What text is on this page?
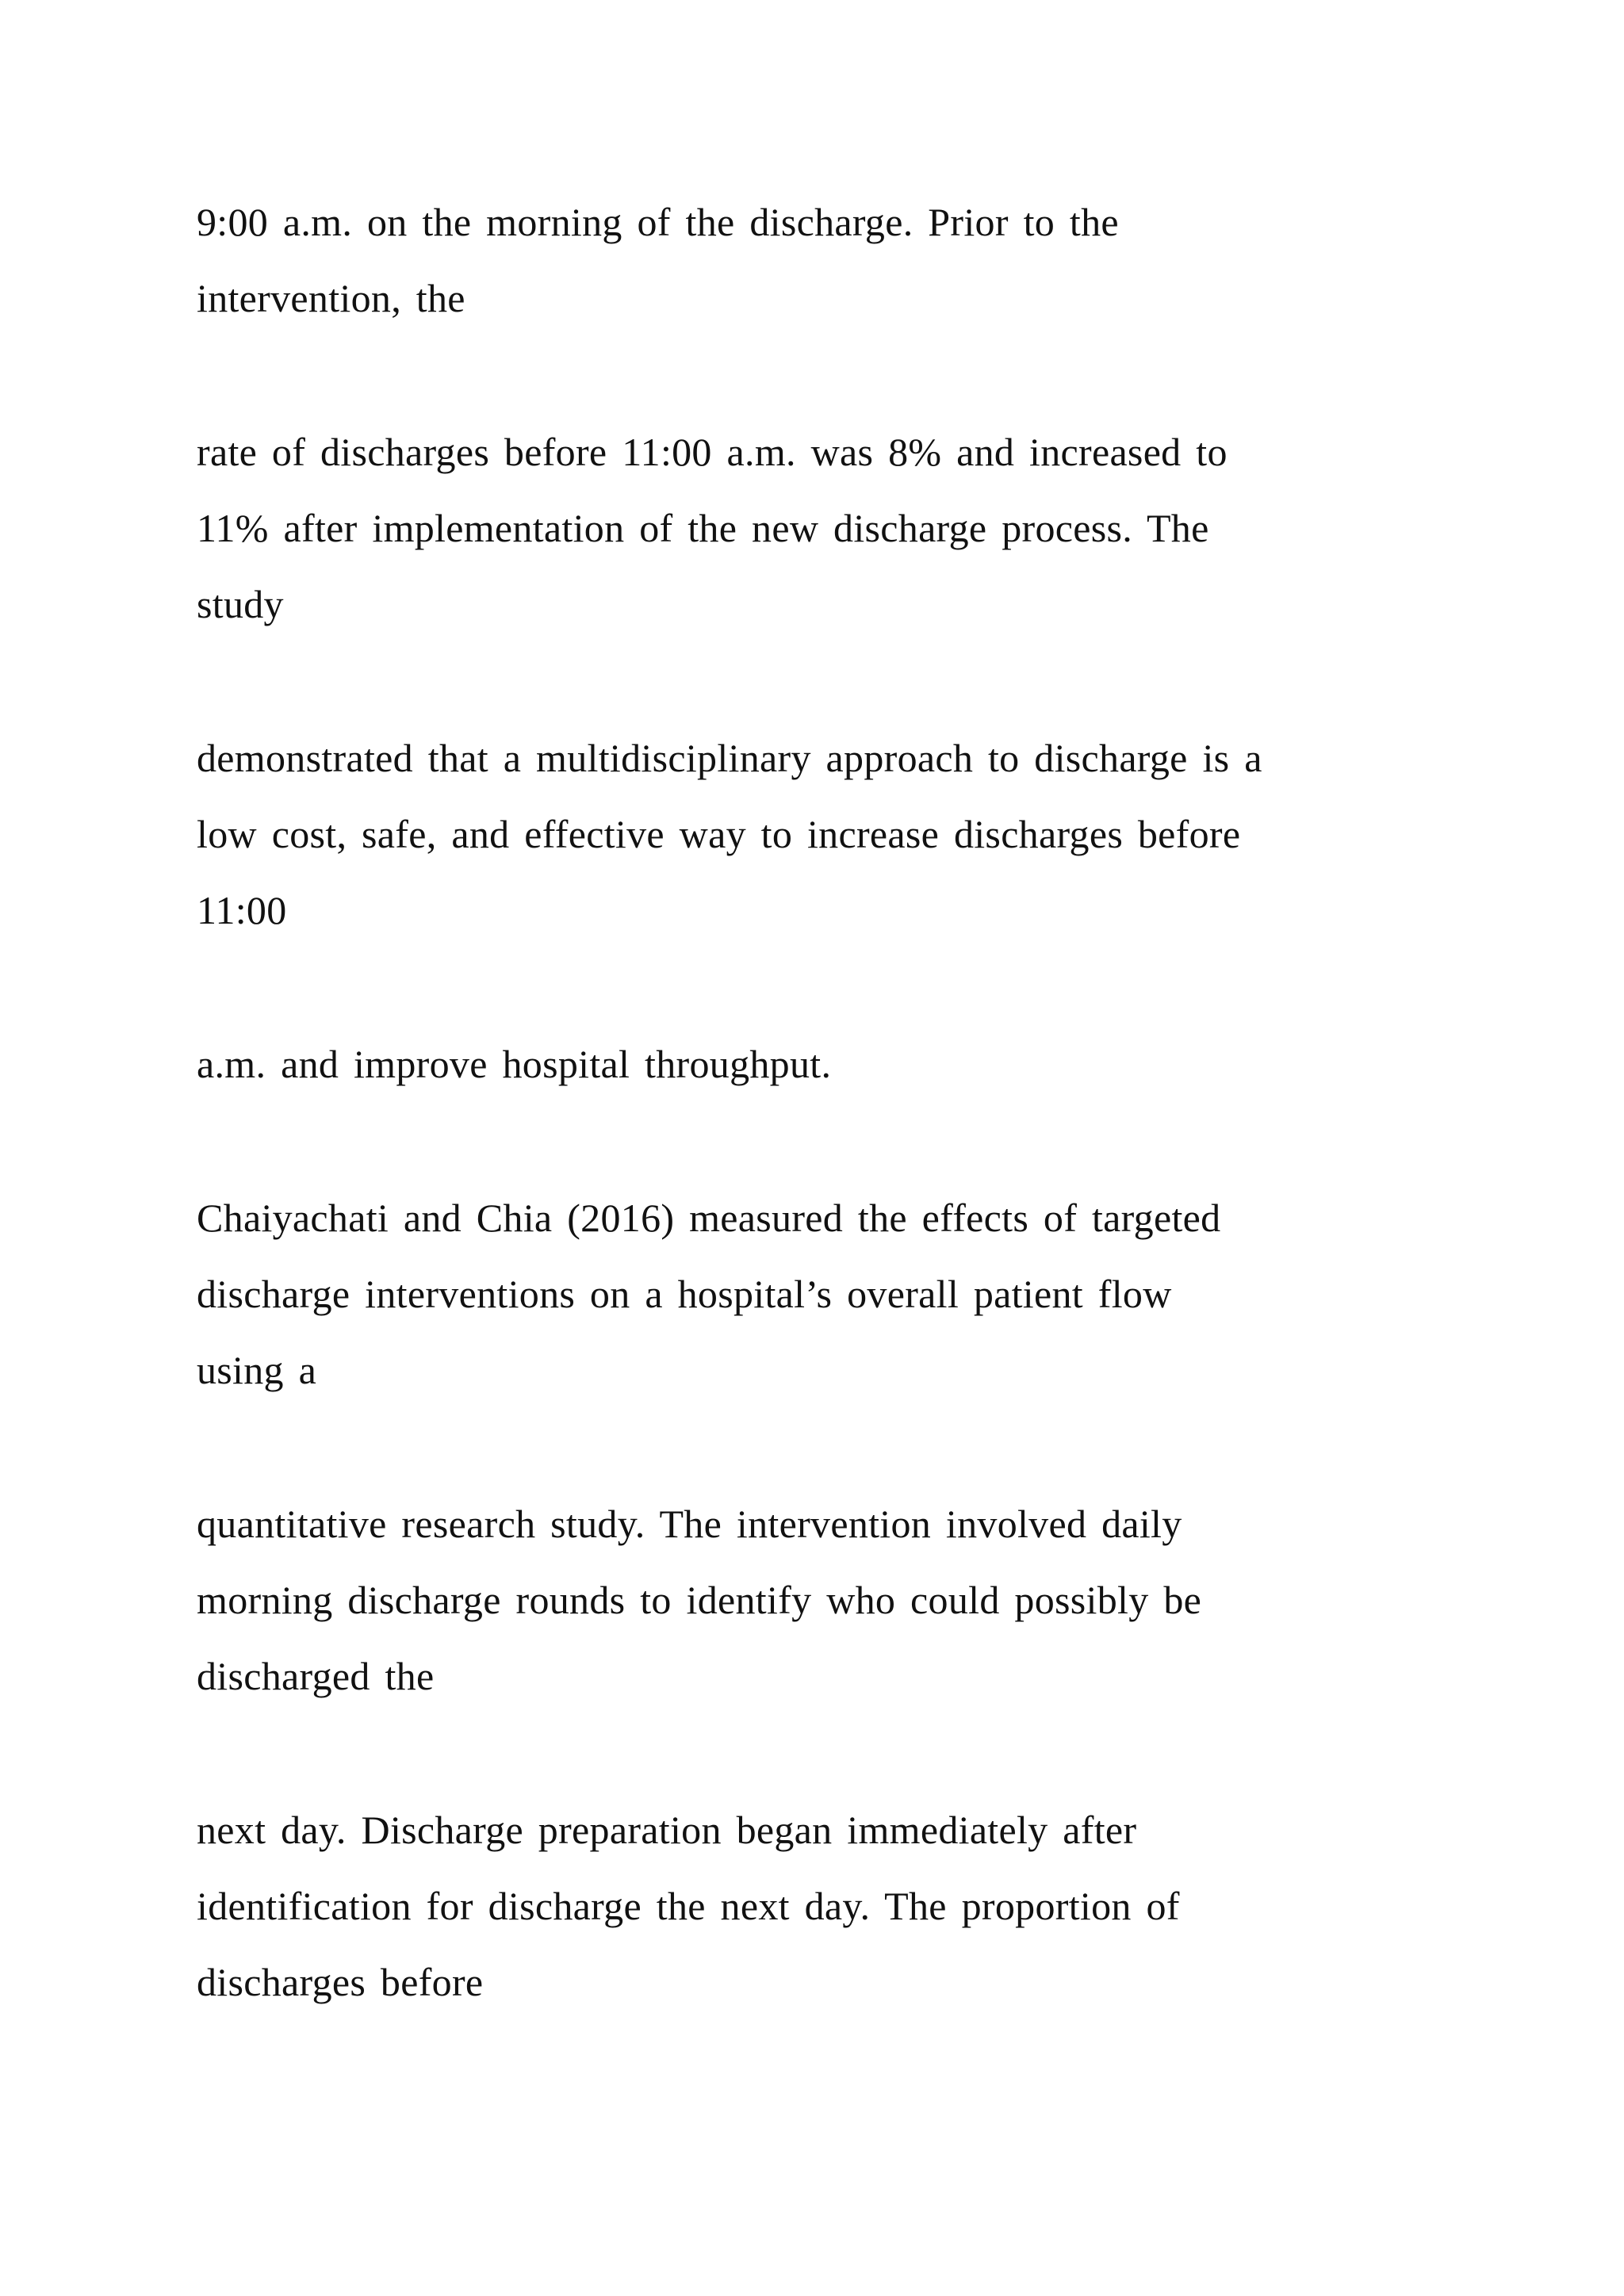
9:00 a.m. on the morning of the discharge. Prior to the

intervention, the

rate of discharges before 11:00 a.m. was 8% and increased to

11% after implementation of the new discharge process. The

study

demonstrated that a multidisciplinary approach to discharge is a

low cost, safe, and effective way to increase discharges before

11:00

a.m. and improve hospital throughput.

Chaiyachati and Chia (2016) measured the effects of targeted

discharge interventions on a hospital’s overall patient flow

using a

quantitative research study. The intervention involved daily

morning discharge rounds to identify who could possibly be

discharged the

next day. Discharge preparation began immediately after

identification for discharge the next day. The proportion of

discharges before
